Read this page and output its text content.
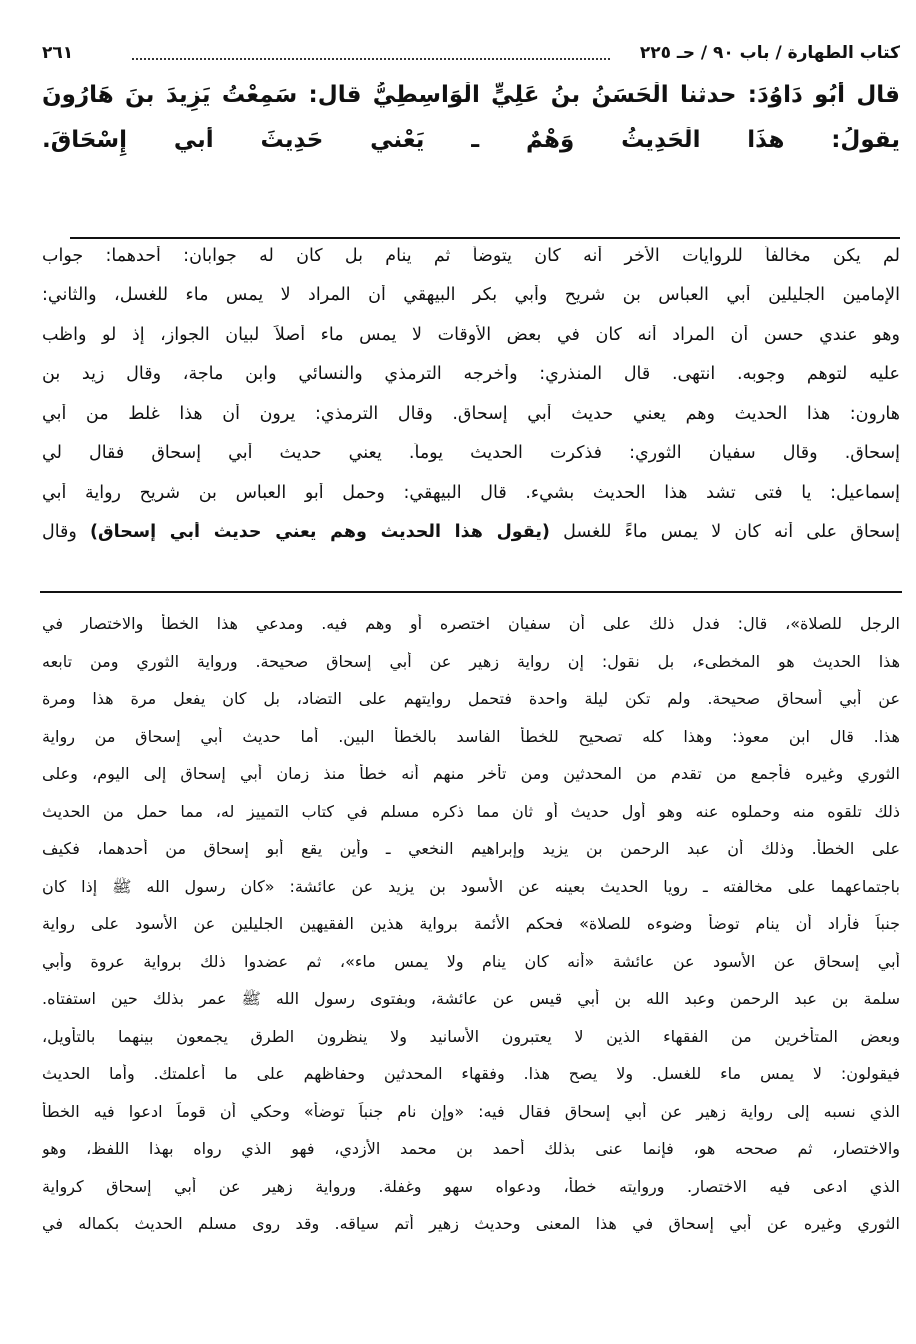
كتاب الطهارة / باب ٩٠ / حـ ٢٢٥
٢٦١
قال أَبُو دَاوُدَ: حدثنا الْحَسَنُ بنُ عَلِيٍّ الْوَاسِطِيُّ قال: سَمِعْتُ يَزِيدَ بنَ هَارُونَ
يقولُ: هذَا الْحَدِيثُ وَهْمٌ ـ يَعْني حَدِيثَ أَبي إِسْحَاقَ.
لم يكن مخالفاً للروايات الأخر أنه كان يتوضأ ثم ينام بل كان له جوابان: أحدهما: جواب
الإمامين الجليلين أبي العباس بن شريح وأبي بكر البيهقي أن المراد لا يمس ماء للغسل، والثاني:
وهو عندي حسن أن المراد أنه كان في بعض الأوقات لا يمس ماء أصلاً لبيان الجواز، إذ لو واظب
عليه لتوهم وجوبه. انتهى. قال المنذري: وأخرجه الترمذي والنسائي وابن ماجة، وقال زيد بن
هارون: هذا الحديث وهم يعني حديث أبي إسحاق. وقال الترمذي: يرون أن هذا غلط من أبي
إسحاق. وقال سفيان الثوري: فذكرت الحديث يوماً. يعني حديث أبي إسحاق فقال لي
إسماعيل: يا فتى تشد هذا الحديث بشيء. قال البيهقي: وحمل أبو العباس بن شريح رواية أبي
إسحاق على أنه كان لا يمس ماءً للغسل (يقول هذا الحديث وهم يعني حديث أبي إسحاق) وقال
الرجل للصلاة»، قال: فدل ذلك على أن سفيان اختصره أو وهم فيه. ومدعي هذا الخطأ والاختصار في
هذا الحديث هو المخطىء، بل نقول: إن رواية زهير عن أبي إسحاق صحيحة. ورواية الثوري ومن تابعه
عن أبي أسحاق صحيحة. ولم تكن ليلة واحدة فتحمل روايتهم على التضاد، بل كان يفعل مرة هذا ومرة
هذا. قال ابن معوذ: وهذا كله تصحيح للخطأ الفاسد بالخطأ البين. أما حديث أبي إسحاق من رواية
الثوري وغيره فأجمع من تقدم من المحدثين ومن تأخر منهم أنه خطأ منذ زمان أبي إسحاق إلى اليوم، وعلى
ذلك تلقوه منه وحملوه عنه وهو أول حديث أو ثان مما ذكره مسلم في كتاب التمييز له، مما حمل من الحديث
على الخطأ. وذلك أن عبد الرحمن بن يزيد وإبراهيم النخعي ـ وأين يقع أبو إسحاق من أحدهما، فكيف
باجتماعهما على مخالفته ـ رويا الحديث بعينه عن الأسود بن يزيد عن عائشة: «كان رسول الله ﷺ إذا كان
جنباً فأراد أن ينام توضأ وضوءه للصلاة» فحكم الأئمة برواية هذين الفقيهين الجليلين عن الأسود على رواية
أبي إسحاق عن الأسود عن عائشة «أنه كان ينام ولا يمس ماء»، ثم عضدوا ذلك برواية عروة وأبي
سلمة بن عبد الرحمن وعبد الله بن أبي قيس عن عائشة، وبفتوى رسول الله ﷺ عمر بذلك حين استفتاه.
وبعض المتأخرين من الفقهاء الذين لا يعتبرون الأسانيد ولا ينظرون الطرق يجمعون بينهما بالتأويل،
فيقولون: لا يمس ماء للغسل. ولا يصح هذا. وفقهاء المحدثين وحفاظهم على ما أعلمتك. وأما الحديث
الذي نسبه إلى رواية زهير عن أبي إسحاق فقال فيه: «وإن نام جنباً توضأ» وحكي أن قوماً ادعوا فيه الخطأ
والاختصار، ثم صححه هو، فإنما عنى بذلك أحمد بن محمد الأزدي، فهو الذي رواه بهذا اللفظ، وهو
الذي ادعى فيه الاختصار. وروايته خطأ، ودعواه سهو وغفلة. ورواية زهير عن أبي إسحاق كرواية
الثوري وغيره عن أبي إسحاق في هذا المعنى وحديث زهير أتم سياقه. وقد روى مسلم الحديث بكماله في
